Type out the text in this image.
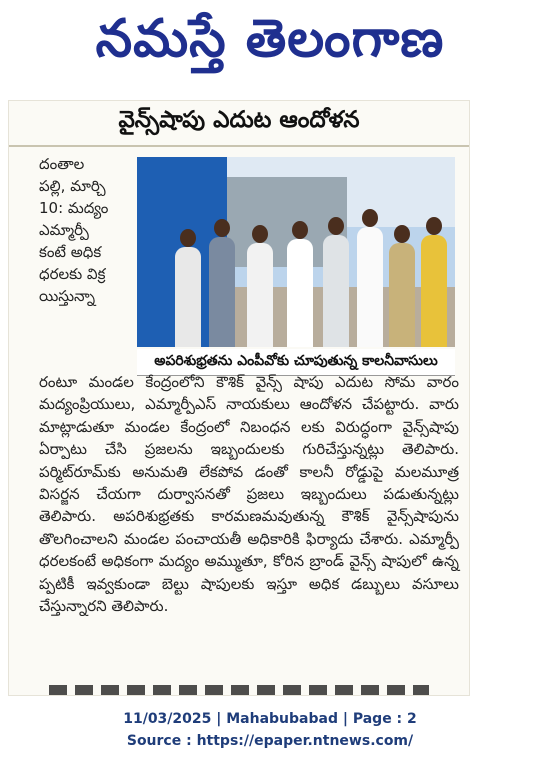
నమస్తే తెలంగాణ
వైన్స్‌షాపు ఎదుట ఆందోళన

దంతాల

పల్లి, మార్చి

10: మద్యం

ఎమ్మార్పీ

కంటే అధిక

ధరలకు విక్ర

యిస్తున్నా

అపరిశుభ్రతను ఎంపీవోకు చూపుతున్న కాలనీవాసులు

రంటూ మండల కేంద్రంలోని కౌశిక్ వైన్స్ షాపు ఎదుట సోమ వారం మద్యంప్రియులు, ఎమ్మార్పీఎస్ నాయకులు ఆందోళన చేపట్టారు. వారు మాట్లాడుతూ మండల కేంద్రంలో నిబంధన లకు విరుద్ధంగా వైన్స్‌షాపు ఏర్పాటు చేసి ప్రజలను ఇబ్బందులకు గురిచేస్తున్నట్లు తెలిపారు. పర్మిట్‌రూమ్‌కు అనుమతి లేకపోవ డంతో కాలనీ రోడ్డుపై మలమూత్ర విసర్జన చేయగా దుర్వాసనతో ప్రజలు ఇబ్బందులు పడుతున్నట్లు తెలిపారు. అపరిశుభ్రతకు కారమణమవుతున్న కౌశిక్ వైన్స్‌షాపును తొలగించాలని మండల పంచాయతీ అధికారికి ఫిర్యాదు చేశారు. ఎమ్మార్పీ ధరలకంటే అధికంగా మద్యం అమ్ముతూ, కోరిన బ్రాండ్ వైన్స్ షాపులో ఉన్న ప్పటికీ ఇవ్వకుండా బెల్టు షాపులకు ఇస్తూ అధిక డబ్బులు వసూలు చేస్తున్నారని తెలిపారు.

11/03/2025 | Mahabubabad | Page : 2
Source : https://epaper.ntnews.com/
